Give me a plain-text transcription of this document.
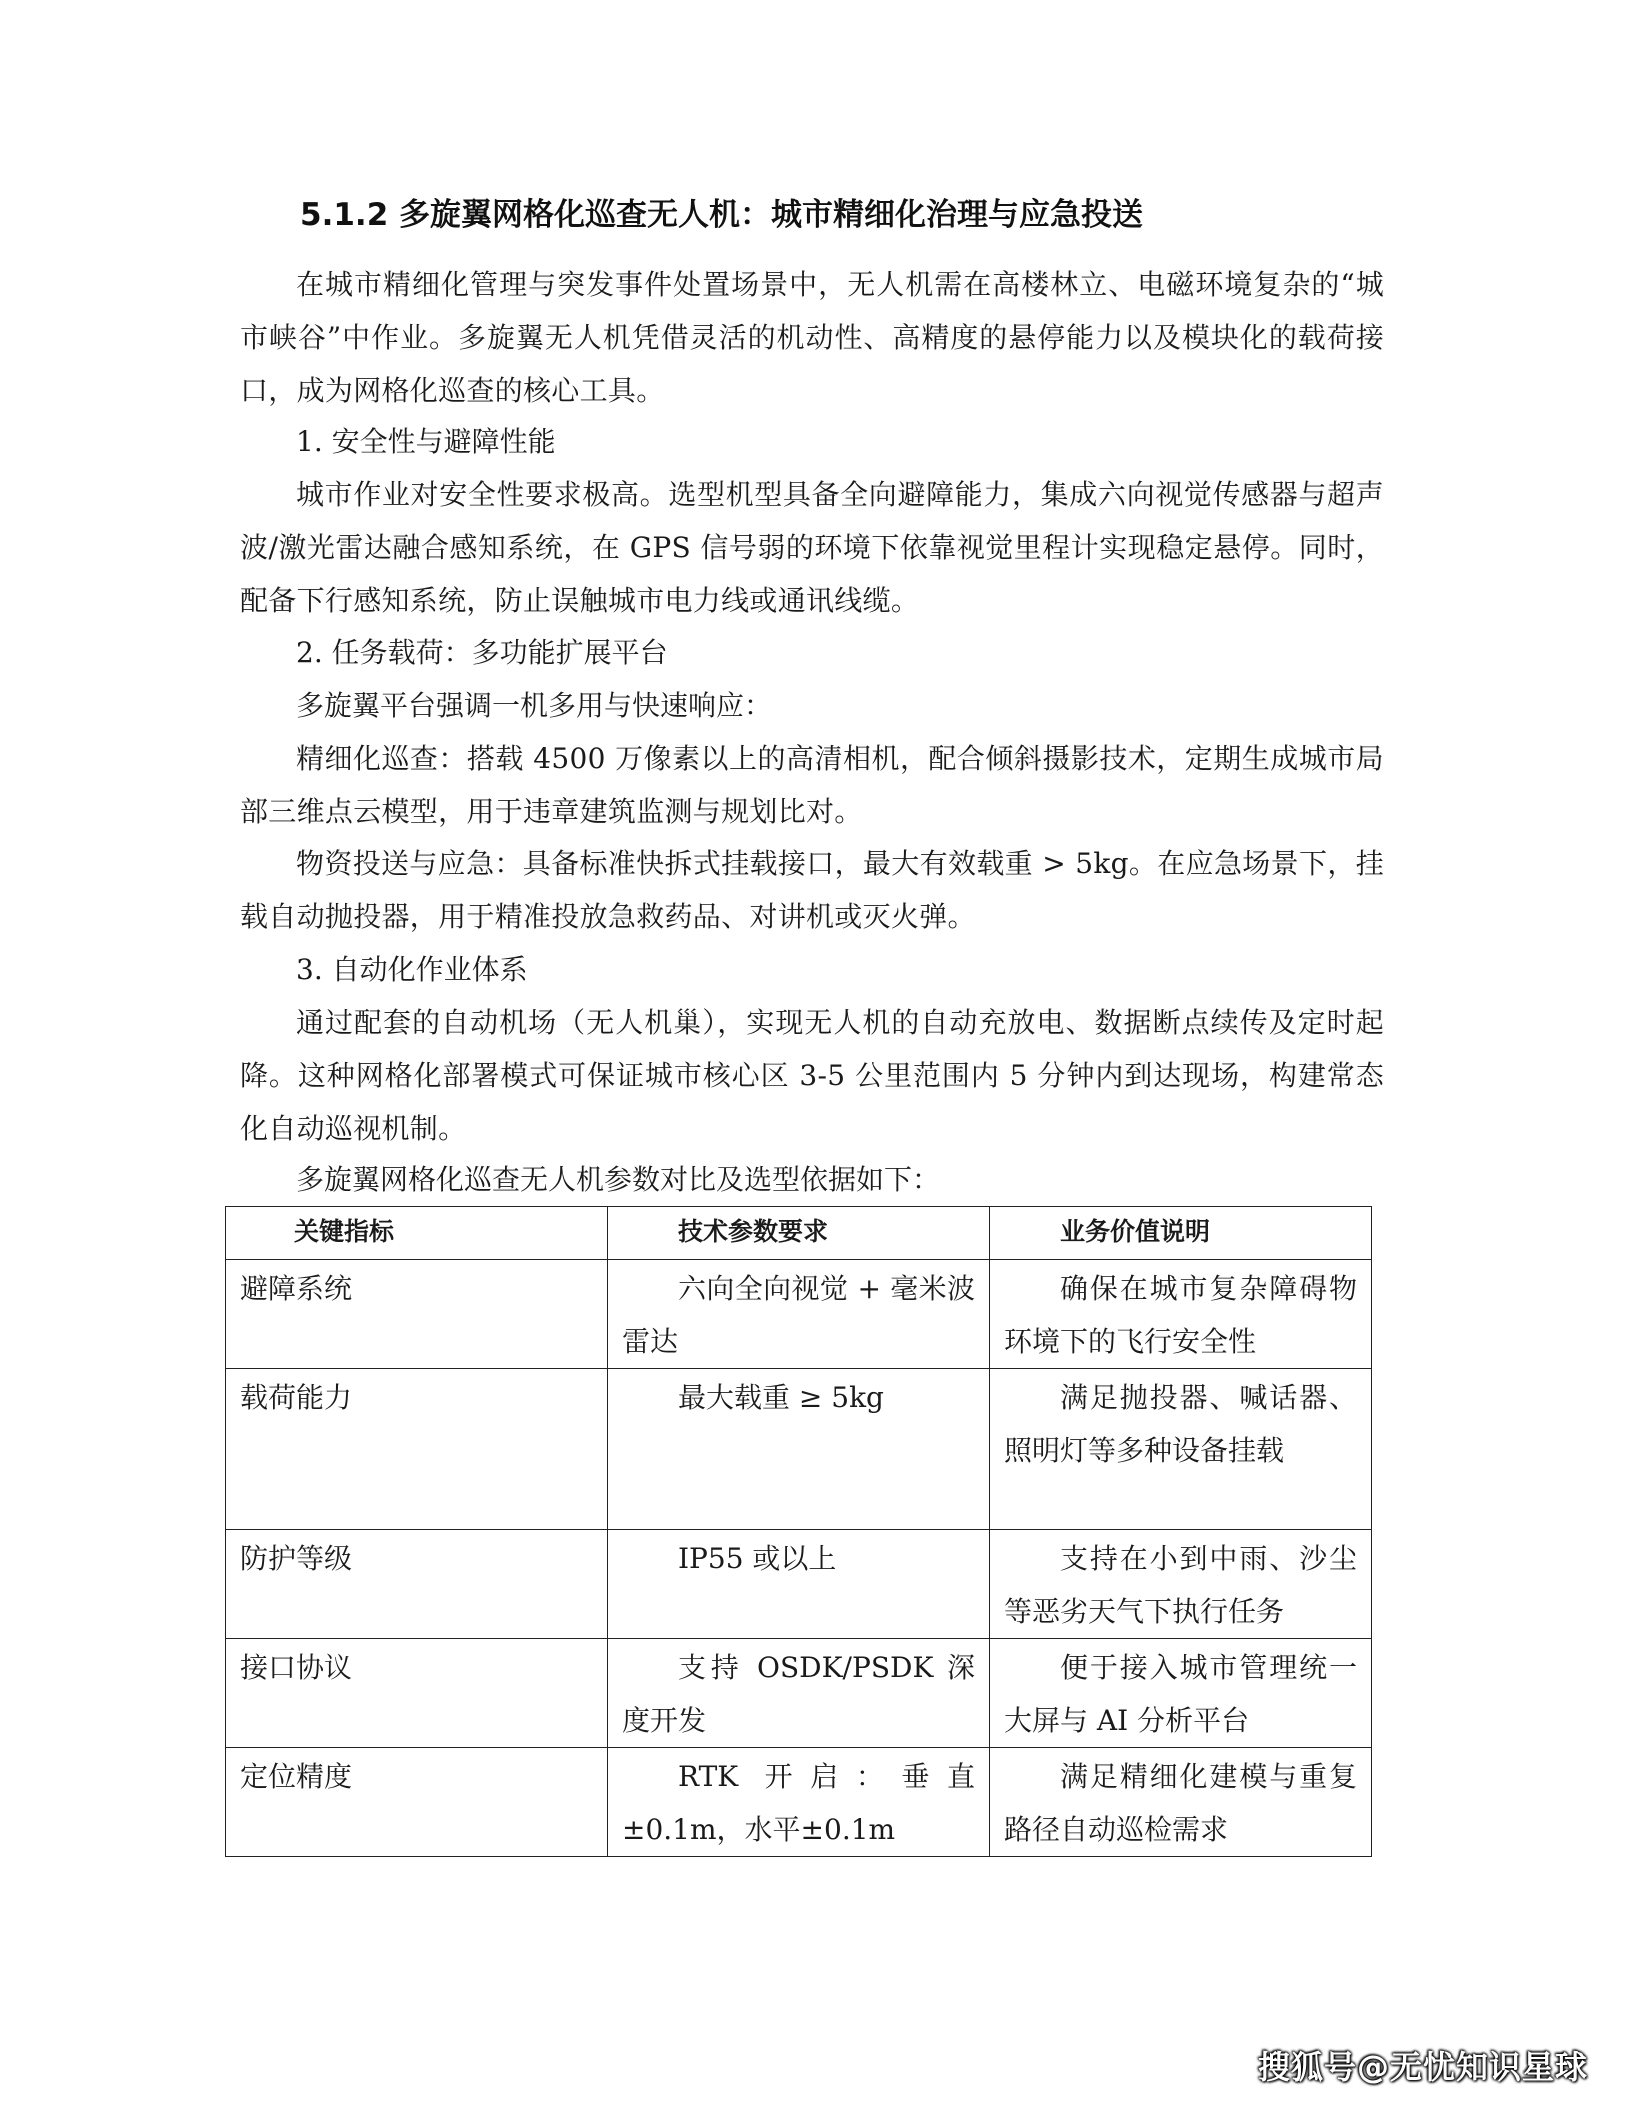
5.1.2 多旋翼网格化巡查无人机：城市精细化治理与应急投送

在城市精细化管理与突发事件处置场景中，无人机需在高楼林立、电磁环境复杂的“城市峡谷”中作业。多旋翼无人机凭借灵活的机动性、高精度的悬停能力以及模块化的载荷接口，成为网格化巡查的核心工具。

1. 安全性与避障性能

城市作业对安全性要求极高。选型机型具备全向避障能力，集成六向视觉传感器与超声波/激光雷达融合感知系统，在 GPS 信号弱的环境下依靠视觉里程计实现稳定悬停。同时，配备下行感知系统，防止误触城市电力线或通讯线缆。

2. 任务载荷：多功能扩展平台

多旋翼平台强调一机多用与快速响应：

精细化巡查：搭载 4500 万像素以上的高清相机，配合倾斜摄影技术，定期生成城市局部三维点云模型，用于违章建筑监测与规划比对。

物资投送与应急：具备标准快拆式挂载接口，最大有效载重 > 5kg。在应急场景下，挂载自动抛投器，用于精准投放急救药品、对讲机或灭火弹。

3. 自动化作业体系

通过配套的自动机场（无人机巢），实现无人机的自动充放电、数据断点续传及定时起降。这种网格化部署模式可保证城市核心区 3-5 公里范围内 5 分钟内到达现场，构建常态化自动巡视机制。

多旋翼网格化巡查无人机参数对比及选型依据如下：

关键指标	技术参数要求	业务价值说明
避障系统	六向全向视觉 + 毫米波雷达	确保在城市复杂障碍物环境下的飞行安全性
载荷能力	最大载重 ≥ 5kg	满足抛投器、喊话器、照明灯等多种设备挂载
防护等级	IP55 或以上	支持在小到中雨、沙尘等恶劣天气下执行任务
接口协议	支持 OSDK/PSDK 深度开发	便于接入城市管理统一大屏与 AI 分析平台
定位精度	RTK 开启：垂直±0.1m，水平±0.1m	满足精细化建模与重复路径自动巡检需求
搜狐号@无忧知识星球
